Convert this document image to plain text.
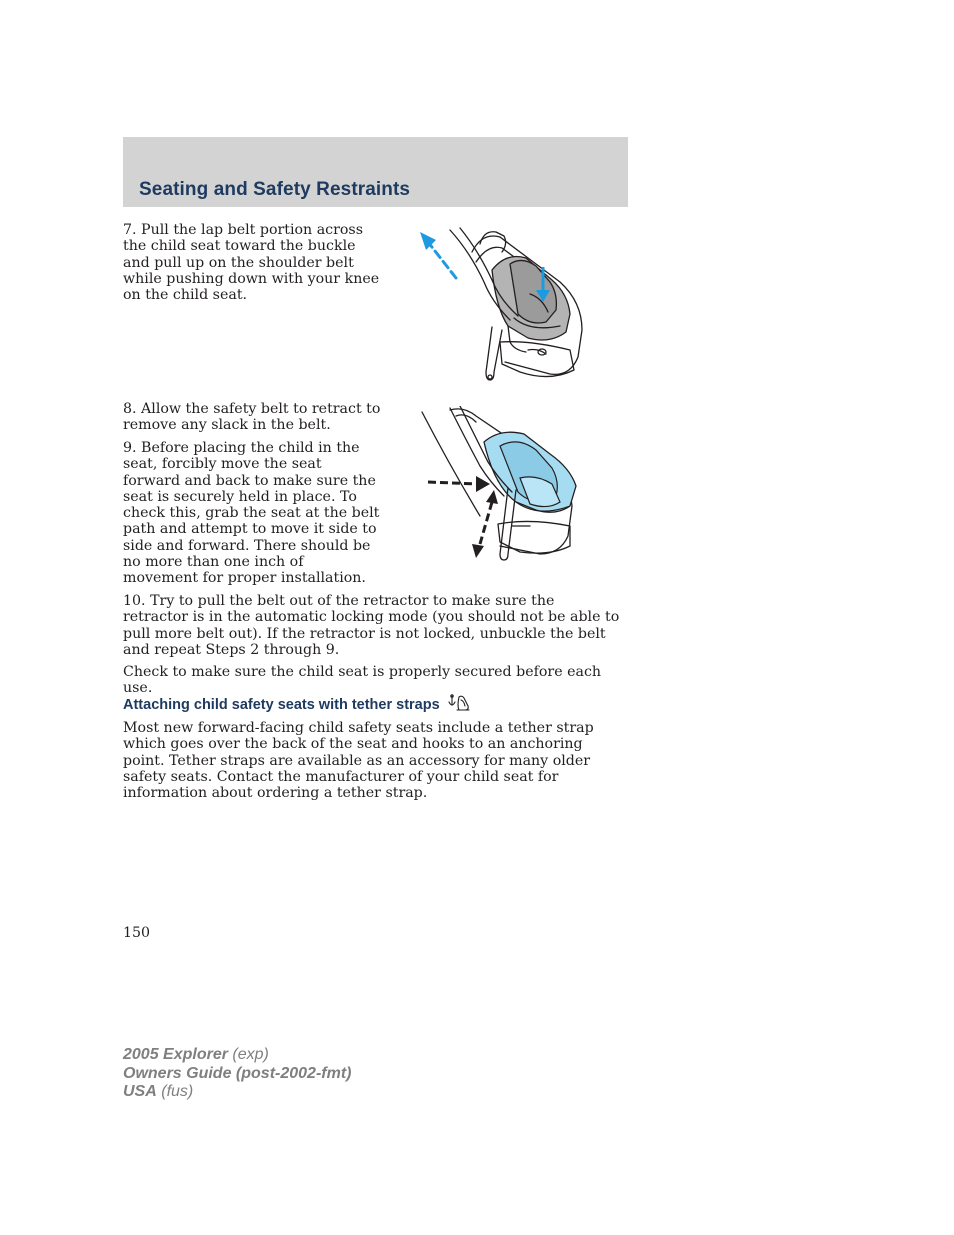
Seating and Safety Restraints

7. Pull the lap belt portion across the child seat toward the buckle and pull up on the shoulder belt while pushing down with your knee on the child seat.

8. Allow the safety belt to retract to remove any slack in the belt.

9. Before placing the child in the seat, forcibly move the seat forward and back to make sure the seat is securely held in place. To check this, grab the seat at the belt path and attempt to move it side to side and forward. There should be no more than one inch of movement for proper installation.

10. Try to pull the belt out of the retractor to make sure the retractor is in the automatic locking mode (you should not be able to pull more belt out). If the retractor is not locked, unbuckle the belt and repeat Steps 2 through 9.

Check to make sure the child seat is properly secured before each use.

Attaching child safety seats with tether straps

Most new forward-facing child safety seats include a tether strap which goes over the back of the seat and hooks to an anchoring point. Tether straps are available as an accessory for many older safety seats. Contact the manufacturer of your child seat for information about ordering a tether strap.

150

2005 Explorer (exp)
Owners Guide (post-2002-fmt)
USA (fus)
